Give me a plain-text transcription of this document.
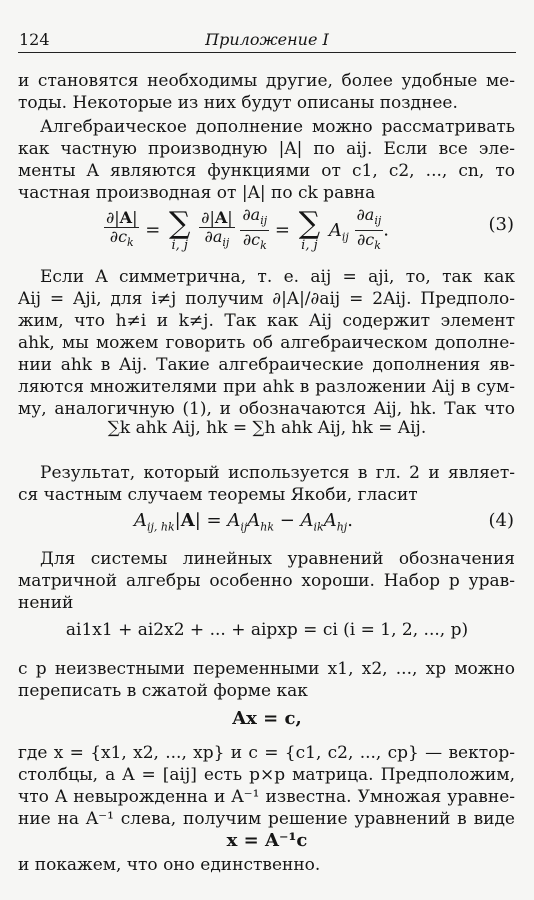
124	Приложение I
и становятся необходимы другие, более удобные ме-
тоды. Некоторые из них будут описаны позднее.
Алгебраическое дополнение можно рассматривать
как частную производную |A| по aij. Если все эле-
менты A являются функциями от c1, c2, ..., cn, то
частная производная от |A| по ck равна
$\frac{\partial|A|}{\partial c_k}$ = ∑
i, j
$\frac{\partial|A|}{\partial a_{ij}}$
$\frac{\partial a_{ij}}{\partial c_k}$ = ∑
i, j
$A_{ij} \frac{\partial a_{ij}}{\partial c_k}$ .	(3)
Если A симметрична, т. е. aij = aji, то, так как
Aij = Aji, для i≠j получим ∂|A|/∂aij = 2Aij. Предполо-
жим, что h≠i и k≠j. Так как Aij содержит элемент
ahk, мы можем говорить об алгебраическом дополне-
нии ahk в Aij. Такие алгебраические дополнения яв-
ляются множителями при ahk в разложении Aij в сум-
му, аналогичную (1), и обозначаются Aij, hk. Так что
∑k ahk Aij, hk = ∑h ahk Aij, hk = Aij.
Результат, который используется в гл. 2 и являет-
ся частным случаем теоремы Якоби, гласит
$A_{ij, hk}|A| = A_{ij}A_{hk} - A_{ik}A_{hj}$.	(4)
Для системы линейных уравнений обозначения
матричной алгебры особенно хороши. Набор p урав-
нений
ai1x1 + ai2x2 + ... + aipxp = ci (i = 1, 2, ..., p)
с p неизвестными переменными x1, x2, ..., xp можно
переписать в сжатой форме как
Ax = c,
где x = {x1, x2, ..., xp} и c = {c1, c2, ..., cp} — вектор-
столбцы, а A = [aij] есть p×p матрица. Предположим,
что A невырожденна и A⁻¹ известна. Умножая уравне-
ние на A⁻¹ слева, получим решение уравнений в виде
x = A⁻¹c
и покажем, что оно единственно.
